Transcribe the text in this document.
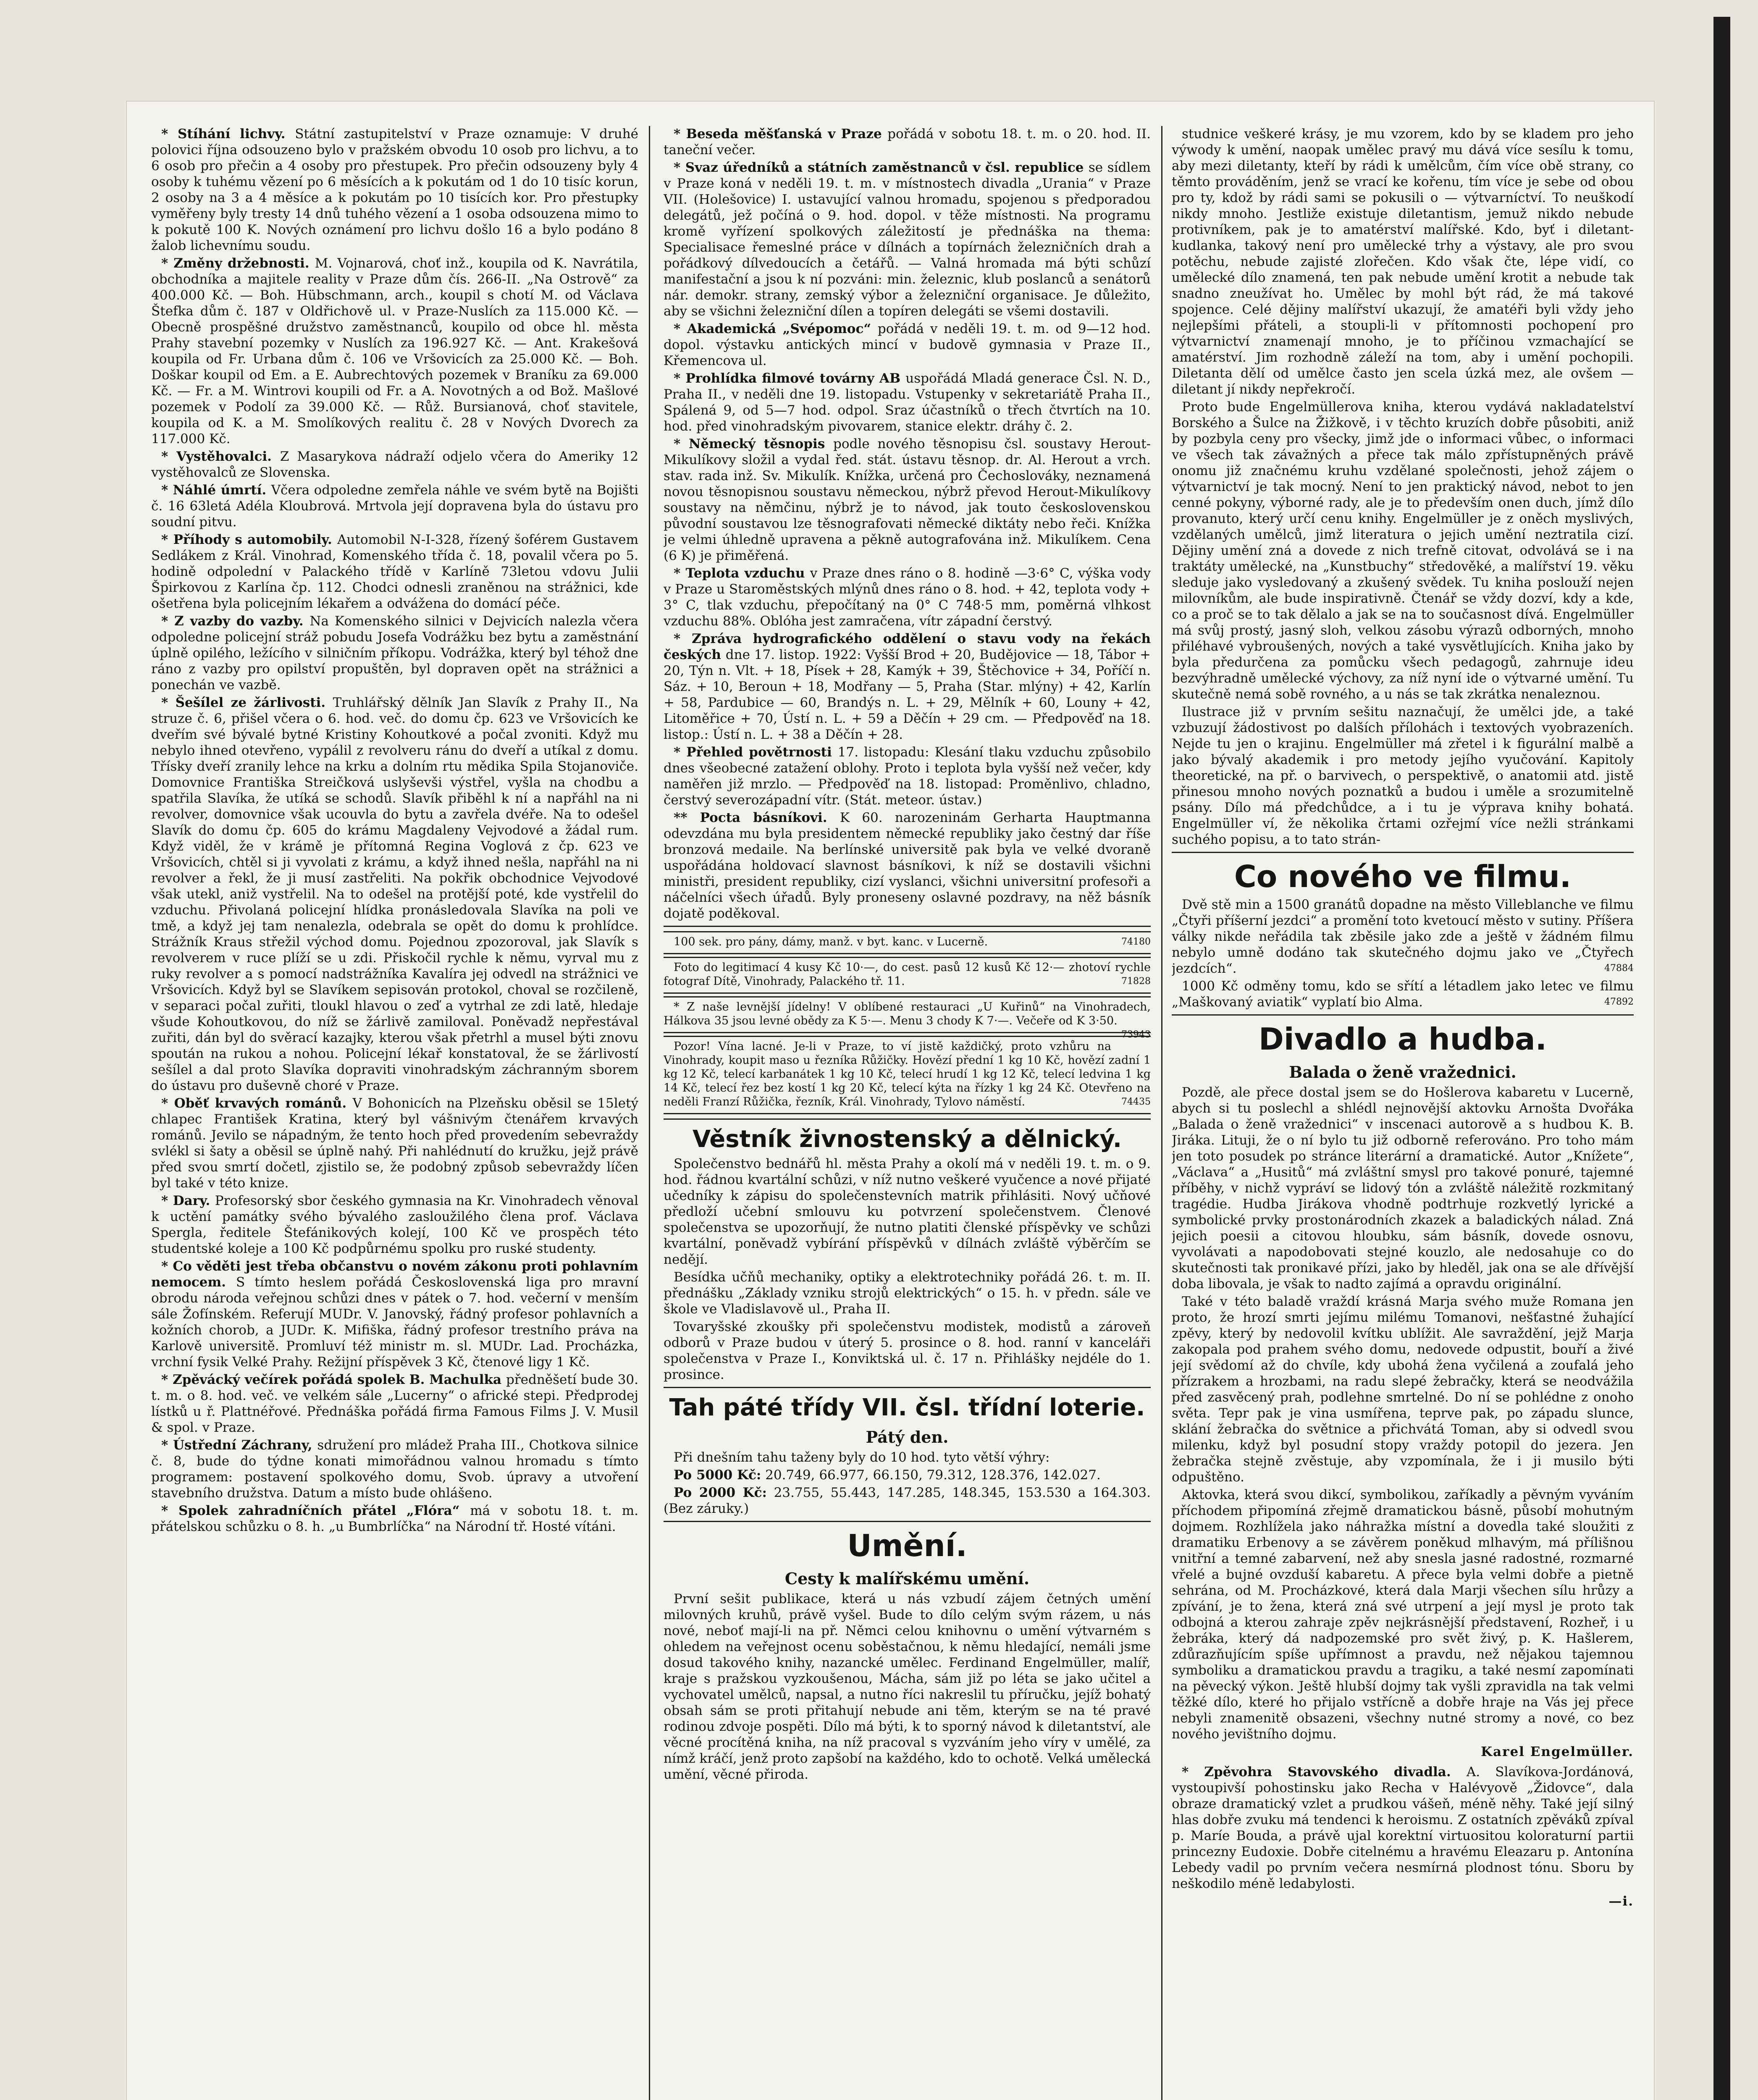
* Stíhání lichvy. Státní zastupitelství v Praze oznamuje: V druhé polovici října odsouzeno bylo v pražském obvodu 10 osob pro lichvu, a to 6 osob pro přečin a 4 osoby pro přestupek. Pro přečin odsouzeny byly 4 osoby k tuhému vězení po 6 měsících a k pokutám od 1 do 10 tisíc korun, 2 osoby na 3 a 4 měsíce a k pokutám po 10 tisících kor. Pro přestupky vyměřeny byly tresty 14 dnů tuhého vězení a 1 osoba odsouzena mimo to k pokutě 100 K. Nových oznámení pro lichvu došlo 16 a bylo podáno 8 žalob lichevnímu soudu.

* Změny držebnosti. M. Vojnarová, choť inž., koupila od K. Navrátila, obchodníka a majitele reality v Praze dům čís. 266-II. „Na Ostrově“ za 400.000 Kč. — Boh. Hübschmann, arch., koupil s chotí M. od Václava Štefka dům č. 187 v Oldřichově ul. v Praze-Nuslích za 115.000 Kč. — Obecně prospěšné družstvo zaměstnanců, koupilo od obce hl. města Prahy stavební pozemky v Nuslích za 196.927 Kč. — Ant. Krakešová koupila od Fr. Urbana dům č. 106 ve Vršovicích za 25.000 Kč. — Boh. Doškar koupil od Em. a E. Aubrechtových pozemek v Braníku za 69.000 Kč. — Fr. a M. Wintrovi koupili od Fr. a A. Novotných a od Bož. Mašlové pozemek v Podolí za 39.000 Kč. — Růž. Bursianová, choť stavitele, koupila od K. a M. Smolíkových realitu č. 28 v Nových Dvorech za 117.000 Kč.

* Vystěhovalci. Z Masarykova nádraží odjelo včera do Ameriky 12 vystěhovalců ze Slovenska.

* Náhlé úmrtí. Včera odpoledne zemřela náhle ve svém bytě na Bojišti č. 16 63letá Adéla Kloubrová. Mrtvola její dopravena byla do ústavu pro soudní pitvu.

* Příhody s automobily. Automobil N-I-328, řízený šoférem Gustavem Sedlákem z Král. Vinohrad, Komenského třída č. 18, povalil včera po 5. hodině odpolední v Palackého třídě v Karlíně 73letou vdovu Julii Špirkovou z Karlína čp. 112. Chodci odnesli zraněnou na strážnici, kde ošetřena byla policejním lékařem a odvážena do domácí péče.

* Z vazby do vazby. Na Komenského silnici v Dejvicích nalezla včera odpoledne policejní stráž pobudu Josefa Vodrážku bez bytu a zaměstnání úplně opilého, ležícího v silničním příkopu. Vodrážka, který byl téhož dne ráno z vazby pro opilství propuštěn, byl dopraven opět na strážnici a ponechán ve vazbě.

* Šešílel ze žárlivosti. Truhlářský dělník Jan Slavík z Prahy II., Na struze č. 6, přišel včera o 6. hod. več. do domu čp. 623 ve Vršovicích ke dveřím své bývalé bytné Kristiny Kohoutkové a počal zvoniti. Když mu nebylo ihned otevřeno, vypálil z revolveru ránu do dveří a utíkal z domu. Třísky dveří zranily lehce na krku a dolním rtu mědika Spila Stojanoviče. Domovnice Františka Streičková uslyševši výstřel, vyšla na chodbu a spatřila Slavíka, že utíká se schodů. Slavík přiběhl k ní a napřáhl na ni revolver, domovnice však ucouvla do bytu a zavřela dvéře. Na to odešel Slavík do domu čp. 605 do krámu Magdaleny Vejvodové a žádal rum. Když viděl, že v krámě je přítomná Regina Voglová z čp. 623 ve Vršovicích, chtěl si ji vyvolati z krámu, a když ihned nešla, napřáhl na ni revolver a řekl, že ji musí zastřeliti. Na pokřik obchodnice Vejvodové však utekl, aniž vystřelil. Na to odešel na protější poté, kde vystřelil do vzduchu. Přivolaná policejní hlídka pronásledovala Slavíka na poli ve tmě, a když jej tam nenalezla, odebrala se opět do domu k prohlídce. Strážník Kraus střežil východ domu. Pojednou zpozoroval, jak Slavík s revolverem v ruce plíží se u zdi. Přiskočil rychle k němu, vyrval mu z ruky revolver a s pomocí nadstrážníka Kavalíra jej odvedl na strážnici ve Vršovicích. Když byl se Slavíkem sepisován protokol, choval se rozčileně, v separaci počal zuřiti, tloukl hlavou o zeď a vytrhal ze zdi latě, hledaje všude Kohoutkovou, do níž se žárlivě zamiloval. Poněvadž nepřestával zuřiti, dán byl do svěrací kazajky, kterou však přetrhl a musel býti znovu spoután na rukou a nohou. Policejní lékař konstatoval, že se žárlivostí sešílel a dal proto Slavíka dopraviti vinohradským záchranným sborem do ústavu pro duševně choré v Praze.

* Oběť krvavých románů. V Bohonicích na Plzeňsku oběsil se 15letý chlapec František Kratina, který byl vášnivým čtenářem krvavých románů. Jevilo se nápadným, že tento hoch před provedením sebevraždy svlékl si šaty a oběsil se úplně nahý. Při nahlédnutí do kružku, jejž právě před svou smrtí dočetl, zjistilo se, že podobný způsob sebevraždy líčen byl také v této knize.

* Dary. Profesorský sbor českého gymnasia na Kr. Vinohradech věnoval k uctění památky svého bývalého zasloužilého člena prof. Václava Spergla, ředitele Štefánikových kolejí, 100 Kč ve prospěch této studentské koleje a 100 Kč podpůrnému spolku pro ruské studenty.

* Co věděti jest třeba občanstvu o novém zákonu proti pohlavním nemocem. S tímto heslem pořádá Československá liga pro mravní obrodu národa veřejnou schůzi dnes v pátek o 7. hod. večerní v menším sále Žofínském. Referují MUDr. V. Janovský, řádný profesor pohlavních a kožních chorob, a JUDr. K. Mifiška, řádný profesor trestního práva na Karlově universitě. Promluví též ministr m. sl. MUDr. Lad. Procházka, vrchní fysik Velké Prahy. Režijní příspěvek 3 Kč, čtenové ligy 1 Kč.

* Zpěvácký večírek pořádá spolek B. Machulka předněšetí bude 30. t. m. o 8. hod. več. ve velkém sále „Lucerny“ o africké stepi. Předprodej lístků u ř. Plattnéřové. Přednáška pořádá firma Famous Films J. V. Musil & spol. v Praze.

* Ústřední Záchrany, sdružení pro mládež Praha III., Chotkova silnice č. 8, bude do týdne konati mimořádnou valnou hromadu s tímto programem: postavení spolkového domu, Svob. úpravy a utvoření stavebního družstva. Datum a místo bude ohlášeno.

* Spolek zahradníčních přátel „Flóra“ má v sobotu 18. t. m. přátelskou schůzku o 8. h. „u Bumbrlíčka“ na Národní tř. Hosté vítáni.

* Beseda měšťanská v Praze pořádá v sobotu 18. t. m. o 20. hod. II. taneční večer.

* Svaz úředníků a státních zaměstnanců v čsl. republice se sídlem v Praze koná v neděli 19. t. m. v místnostech divadla „Urania“ v Praze VII. (Holešovice) I. ustavující valnou hromadu, spojenou s předporadou delegátů, jež počíná o 9. hod. dopol. v těže místnosti. Na programu kromě vyřízení spolkových záležitostí je přednáška na thema: Specialisace řemeslné práce v dílnách a topírnách železničních drah a pořádkový dílvedoucích a četářů. — Valná hromada má býti schůzí manifestační a jsou k ní pozváni: min. železnic, klub poslanců a senátorů nár. demokr. strany, zemský výbor a železniční organisace. Je důležito, aby se všichni železniční dílen a topíren delegáti se všemi dostavili.

* Akademická „Svépomoc“ pořádá v neděli 19. t. m. od 9—12 hod. dopol. výstavku antických mincí v budově gymnasia v Praze II., Křemencova ul.

* Prohlídka filmové továrny AB uspořádá Mladá generace Čsl. N. D., Praha II., v neděli dne 19. listopadu. Vstupenky v sekretariátě Praha II., Spálená 9, od 5—7 hod. odpol. Sraz účastníků o třech čtvrtích na 10. hod. před vinohradským pivovarem, stanice elektr. dráhy č. 2.

* Německý těsnopis podle nového těsnopisu čsl. soustavy Herout-Mikulíkovy složil a vydal řed. stát. ústavu těsnop. dr. Al. Herout a vrch. stav. rada inž. Sv. Mikulík. Knížka, určená pro Čechoslováky, neznamená novou těsnopisnou soustavu německou, nýbrž převod Herout-Mikulíkovy soustavy na němčinu, nýbrž je to návod, jak touto československou původní soustavou lze těsnografovati německé diktáty nebo řeči. Knížka je velmi úhledně upravena a pěkně autografována inž. Mikulíkem. Cena (6 K) je přiměřená.

* Teplota vzduchu v Praze dnes ráno o 8. hodině —3·6° C, výška vody v Praze u Staroměstských mlýnů dnes ráno o 8. hod. + 42, teplota vody + 3° C, tlak vzduchu, přepočítaný na 0° C 748·5 mm, poměrná vlhkost vzduchu 88%. Oblóha jest zamračena, vítr západní čerstvý.

* Zpráva hydrografického oddělení o stavu vody na řekách českých dne 17. listop. 1922: Vyšší Brod + 20, Budějovice — 18, Tábor + 20, Týn n. Vlt. + 18, Písek + 28, Kamýk + 39, Štěchovice + 34, Poříčí n. Sáz. + 10, Beroun + 18, Modřany — 5, Praha (Star. mlýny) + 42, Karlín + 58, Pardubice — 60, Brandýs n. L. + 29, Mělník + 60, Louny + 42, Litoměřice + 70, Ústí n. L. + 59 a Děčín + 29 cm. — Předpověď na 18. listop.: Ústí n. L. + 38 a Děčín + 28.

* Přehled povětrnosti 17. listopadu: Klesání tlaku vzduchu způsobilo dnes všeobecné zatažení oblohy. Proto i teplota byla vyšší než večer, kdy naměřen již mrzlo. — Předpověď na 18. listopad: Proměnlivo, chladno, čerstvý severozápadní vítr. (Stát. meteor. ústav.)

** Pocta básníkovi. K 60. narozeninám Gerharta Hauptmanna odevzdána mu byla presidentem německé republiky jako čestný dar říše bronzová medaile. Na berlínské universitě pak byla ve velké dvoraně uspořádána holdovací slavnost básníkovi, k níž se dostavili všichni ministři, president republiky, cizí vyslanci, všichni universitní profesoři a náčelníci všech úřadů. Byly proneseny oslavné pozdravy, na něž básník dojatě poděkoval.

100 sek. pro pány, dámy, manž. v byt. kanc. v Lucerně.	74180

Foto do legitimací 4 kusy Kč 10·—, do cest. pasů 12 kusů Kč 12·— zhotoví rychle fotograf Dítě, Vinohrady, Palackého tř. 11.	71828

* Z naše levnější jídelny! V oblíbené restauraci „U Kuřinů“ na Vinohradech, Hálkova 35 jsou levné obědy za K 5·—. Menu 3 chody K 7·—. Večeře od K 3·50.
73943

Pozor! Vína lacné. Je-li v Praze, to ví jistě každičký, proto vzhůru na Vinohrady, koupit maso u řezníka Růžičky. Hovězí přední 1 kg 10 Kč, hovězí zadní 1 kg 12 Kč, telecí karbanátek 1 kg 10 Kč, telecí hrudí 1 kg 12 Kč, telecí ledvina 1 kg 14 Kč, telecí řez bez kostí 1 kg 20 Kč, telecí kýta na řízky 1 kg 24 Kč. Otevřeno na neděli Franzí Růžička, řezník, Král. Vinohrady, Tylovo náměstí.	74435

Věstník živnostenský a dělnický.

Společenstvo bednářů hl. města Prahy a okolí má v neděli 19. t. m. o 9. hod. řádnou kvartální schůzi, v níž nutno veškeré vyučence a nové přijaté učedníky k zápisu do společenstevních matrik přihlásiti. Nový učňové předloží učební smlouvu ku potvrzení společenstvem. Členové společenstva se upozorňují, že nutno platiti členské příspěvky ve schůzi kvartální, poněvadž vybírání příspěvků v dílnách zvláště výběrčím se nedějí.

Besídka učňů mechaniky, optiky a elektrotechniky pořádá 26. t. m. II. přednášku „Základy vzniku strojů elektrických“ o 15. h. v předn. sále ve škole ve Vladislavově ul., Praha II.

Tovaryšské zkoušky při společenstvu modistek, modistů a zároveň odborů v Praze budou v úterý 5. prosince o 8. hod. ranní v kanceláři společenstva v Praze I., Konviktská ul. č. 17 n. Přihlášky nejdéle do 1. prosince.

Tah páté třídy VII. čsl. třídní loterie.
Pátý den.

Při dnešním tahu taženy byly do 10 hod. tyto větší výhry:

Po 5000 Kč: 20.749, 66.977, 66.150, 79.312, 128.376, 142.027.

Po 2000 Kč: 23.755, 55.443, 147.285, 148.345, 153.530 a 164.303. (Bez záruky.)

Umění.
Cesty k malířskému umění.

První sešit publikace, která u nás vzbudí zájem četných umění milovných kruhů, právě vyšel. Bude to dílo celým svým rázem, u nás nové, neboť mají-li na př. Němci celou knihovnu o umění výtvarném s ohledem na veřejnost ocenu soběstačnou, k němu hledající, nemáli jsme dosud takového knihy, nazancké umělec. Ferdinand Engelmüller, malíř, kraje s pražskou vyzkoušenou, Mácha, sám již po léta se jako učitel a vychovatel umělců, napsal, a nutno říci nakreslil tu příručku, jejíž bohatý obsah sám se proti přitahují nebude ani těm, kterým se na té pravé rodinou zdvoje pospěti. Dílo má býti, k to sporný návod k diletantství, ale věcné procítěná kniha, na níž pracoval s vyzváním jeho víry v umělé, za nímž kráčí, jenž proto zapšobí na každého, kdo to ochotě. Velká umělecká umění, věcné přiroda.

studnice veškeré krásy, je mu vzorem, kdo by se kladem pro jeho výwody k umění, naopak umělec pravý mu dává více sesílu k tomu, aby mezi diletanty, kteří by rádi k umělcům, čím více obě strany, co těmto prováděním, jenž se vrací ke kořenu, tím více je sebe od obou pro ty, kdož by rádi sami se pokusili o — výtvarníctví. To neuškodí nikdy mnoho. Jestliže existuje diletantism, jemuž nikdo nebude protivníkem, pak je to amatérství malířské. Kdo, byť i diletant-kudlanka, takový není pro umělecké trhy a výstavy, ale pro svou potěchu, nebude zajisté zlořečen. Kdo však čte, lépe vidí, co umělecké dílo znamená, ten pak nebude umění krotit a nebude tak snadno zneužívat ho. Umělec by mohl být rád, že má takové spojence. Celé dějiny malířství ukazují, že amatéři byli vždy jeho nejlepšími přáteli, a stoupli-li v přítomnosti pochopení pro výtvarnictví znamenají mnoho, je to příčinou vzmachající se amatérství. Jim rozhodně záleží na tom, aby i umění pochopili. Diletanta dělí od umělce často jen scela úzká mez, ale ovšem — diletant jí nikdy nepřekročí.

Proto bude Engelmüllerova kniha, kterou vydává nakladatelství Borského a Šulce na Žižkově, i v těchto kruzích dobře působiti, aniž by pozbyla ceny pro všecky, jimž jde o informaci vůbec, o informaci ve všech tak závažných a přece tak málo zpřístupněných právě onomu již značnému kruhu vzdělané společnosti, jehož zájem o výtvarnictví je tak mocný. Není to jen praktický návod, nebot to jen cenné pokyny, výborné rady, ale je to především onen duch, jímž dílo provanuto, který určí cenu knihy. Engelmüller je z oněch myslivých, vzdělaných umělců, jimž literatura o jejich umění neztratila cizí. Dějiny umění zná a dovede z nich trefně citovat, odvolává se i na traktáty umělecké, na „Kunstbuchy“ středověké, a malířství 19. věku sleduje jako vysledovaný a zkušený svědek. Tu kniha poslouží nejen milovníkům, ale bude inspirativně. Čtenář se vždy dozví, kdy a kde, co a proč se to tak dělalo a jak se na to současnost dívá. Engelmüller má svůj prostý, jasný sloh, velkou zásobu výrazů odborných, mnoho přiléhavé vybroušených, nových a také vysvětlujících. Kniha jako by byla předurčena za pomůcku všech pedagogů, zahrnuje ideu bezvýhradně umělecké výchovy, za níž nyní ide o výtvarné umění. Tu skutečně nemá sobě rovného, a u nás se tak zkrátka nenaleznou.

Ilustrace již v prvním sešitu naznačují, že umělci jde, a také vzbuzují žádostivost po dalších přílohách i textových vyobrazeních. Nejde tu jen o krajinu. Engelmüller má zřetel i k figurální malbě a jako bývalý akademik i pro metody jejího vyučování. Kapitoly theoretické, na př. o barvivech, o perspektivě, o anatomii atd. jistě přinesou mnoho nových poznatků a budou i uměle a srozumitelně psány. Dílo má předchůdce, a i tu je výprava knihy bohatá. Engelmüller ví, že několika črtami ozřejmí více nežli stránkami suchého popisu, a to tato strán-

Co nového ve filmu.

Dvě stě min a 1500 granátů dopadne na město Villeblanche ve filmu „Čtyři příšerní jezdci“ a promění toto kvetoucí město v sutiny. Příšera války nikde neřádila tak zběsile jako zde a ještě v žádném filmu nebylo umně dodáno tak skutečného dojmu jako ve „Čtyřech jezdcích“.	47884

1000 Kč odměny tomu, kdo se sřítí a létadlem jako letec ve filmu „Maškovaný aviatik“ vyplatí bio Alma.	47892

Divadlo a hudba.
Balada o ženě vražednici.

Pozdě, ale přece dostal jsem se do Hošlerova kabaretu v Lucerně, abych si tu poslechl a shlédl nejnovější aktovku Arnošta Dvořáka „Balada o ženě vražednici“ v inscenaci autorově a s hudbou K. B. Jiráka. Lituji, že o ní bylo tu již odborně referováno. Pro toho mám jen toto posudek po stránce literární a dramatické. Autor „Knížete“, „Václava“ a „Husitů“ má zvláštní smysl pro takové ponuré, tajemné příběhy, v nichž vypráví se lidový tón a zvláště náležitě rozkmitaný tragédie. Hudba Jirákova vhodně podtrhuje rozkvetlý lyrické a symbolické prvky prostonárodních zkazek a baladických nálad. Zná jejich poesii a citovou hloubku, sám básník, dovede osnovu, vyvolávati a napodobovati stejné kouzlo, ale nedosahuje co do skutečnosti tak pronikavé přízi, jako by hleděl, jak ona se ale dřívější doba libovala, je však to nadto zajímá a opravdu originální.

Také v této baladě vraždí krásná Marja svého muže Romana jen proto, že hrozí smrti jejímu milému Tomanovi, nešťastné žuhající zpěvy, který by nedovolil kvítku ublížit. Ale savraždění, jejž Marja zakopala pod prahem svého domu, nedovede odpustit, bouří a živé její svědomí až do chvíle, kdy ubohá žena vyčilená a zoufalá jeho přízrakem a hrozbami, na radu slepé žebračky, která se neodvážila před zasvěcený prah, podlehne smrtelné. Do ní se pohlédne z onoho světa. Tepr pak je vina usmířena, teprve pak, po západu slunce, sklání žebračka do světnice a přichvátá Toman, aby si odvedl svou milenku, když byl posudní stopy vraždy potopil do jezera. Jen žebračka stejně zvěstuje, aby vzpomínala, že i ji musilo býti odpuštěno.

Aktovka, která svou dikcí, symbolikou, zaříkadly a pěvným vyváním příchodem připomíná zřejmě dramatickou básně, působí mohutným dojmem. Rozhlížela jako náhražka místní a dovedla také sloužiti z dramatiku Erbenovy a se závěrem poněkud mlhavým, má přílišnou vnitřní a temné zabarvení, než aby snesla jasné radostné, rozmarné vřelé a bujné ovzduší kabaretu. A přece byla velmi dobře a pietně sehrána, od M. Procházkové, která dala Marji všechen sílu hrůzy a zpívání, je to žena, která zná své utrpení a její mysl je proto tak odbojná a kterou zahraje zpěv nejkrásnější představení, Rozheř, i u žebráka, který dá nadpozemské pro svět živý, p. K. Hašlerem, zdůrazňujícím spíše upřímnost a pravdu, než nějakou tajemnou symboliku a dramatickou pravdu a tragiku, a také nesmí zapomínati na pěvecký výkon. Ještě hlubší dojmy tak vyšli zpravidla na tak velmi těžké dílo, které ho přijalo vstřícně a dobře hraje na Vás jej přece nebyli znamenitě obsazeni, všechny nutné stromy a nové, co bez nového jevištního dojmu.

Karel Engelmüller.

* Zpěvohra Stavovského divadla. A. Slavíkova-Jordánová, vystoupivší pohostinsku jako Recha v Halévyově „Židovce“, dala obraze dramatický vzlet a prudkou vášeň, méně něhy. Také její silný hlas dobře zvuku má tendenci k heroismu. Z ostatních zpěváků zpíval p. Maríe Bouda, a právě ujal korektní virtuositou koloraturní partii princezny Eudoxie. Dobře citelnému a hravému Eleazaru p. Antonína Lebedy vadil po prvním večera nesmírná plodnost tónu. Sboru by neškodilo méně ledabylosti.

—i.
